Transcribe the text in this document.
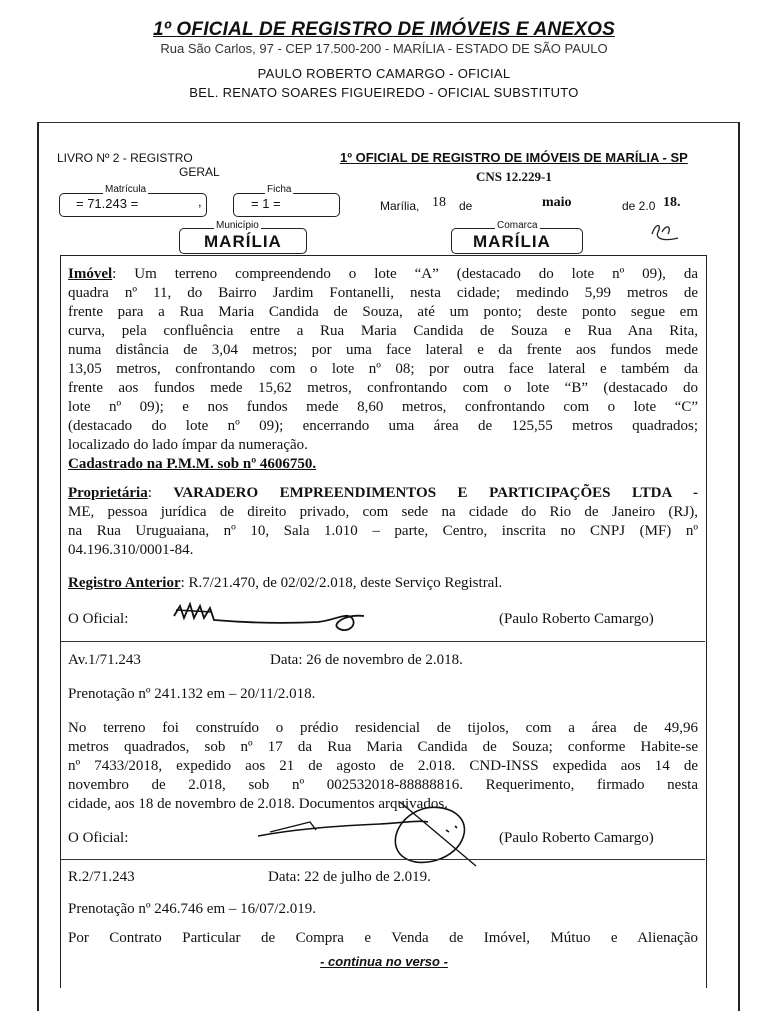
1º OFICIAL DE REGISTRO DE IMÓVEIS E ANEXOS
Rua São Carlos, 97 - CEP 17.500-200 - MARÍLIA - ESTADO DE SÃO PAULO
PAULO ROBERTO CAMARGO - OFICIAL
BEL. RENATO SOARES FIGUEIREDO - OFICIAL SUBSTITUTO
LIVRO Nº 2 - REGISTRO
GERAL
1º OFICIAL DE REGISTRO DE IMÓVEIS DE MARÍLIA - SP
CNS 12.229-1
Matrícula
= 71.243 =	,
Ficha
= 1 =	Marília, 18 de	maio	de 2.0 18.
Município
MARÍLIA
Comarca
MARÍLIA
Imóvel: Um terreno compreendendo o lote “A” (destacado do lote nº 09), da
quadra nº 11, do Bairro Jardim Fontanelli, nesta cidade; medindo 5,99 metros de
frente para a Rua Maria Candida de Souza, até um ponto; deste ponto segue em
curva, pela confluência entre a Rua Maria Candida de Souza e Rua Ana Rita,
numa distância de 3,04 metros; por uma face lateral e da frente aos fundos mede
13,05 metros, confrontando com o lote nº 08; por outra face lateral e também da
frente aos fundos mede 15,62 metros, confrontando com o lote “B” (destacado do
lote nº 09); e nos fundos mede 8,60 metros, confrontando com o lote “C”
(destacado do lote nº 09); encerrando uma área de 125,55 metros quadrados;
localizado do lado ímpar da numeração.
Cadastrado na P.M.M. sob nº 4606750.
Proprietária: VARADERO EMPREENDIMENTOS E PARTICIPAÇÕES LTDA -
ME, pessoa jurídica de direito privado, com sede na cidade do Rio de Janeiro (RJ),
na Rua Uruguaiana, nº 10, Sala 1.010 – parte, Centro, inscrita no CNPJ (MF) nº
04.196.310/0001-84.
Registro Anterior: R.7/21.470, de 02/02/2.018, deste Serviço Registral.
O Oficial:	(Paulo Roberto Camargo)
Av.1/71.243	Data: 26 de novembro de 2.018.
Prenotação nº 241.132 em – 20/11/2.018.
No terreno foi construído o prédio residencial de tijolos, com a área de 49,96
metros quadrados, sob nº 17 da Rua Maria Candida de Souza; conforme Habite-se
nº 7433/2018, expedido aos 21 de agosto de 2.018. CND-INSS expedida aos 14 de
novembro de 2.018, sob nº 002532018-88888816. Requerimento, firmado nesta
cidade, aos 18 de novembro de 2.018. Documentos arquivados.
O Oficial:	(Paulo Roberto Camargo)
R.2/71.243	Data: 22 de julho de 2.019.
Prenotação nº 246.746 em – 16/07/2.019.
Por Contrato Particular de Compra e Venda de Imóvel, Mútuo e Alienação
- continua no verso -
